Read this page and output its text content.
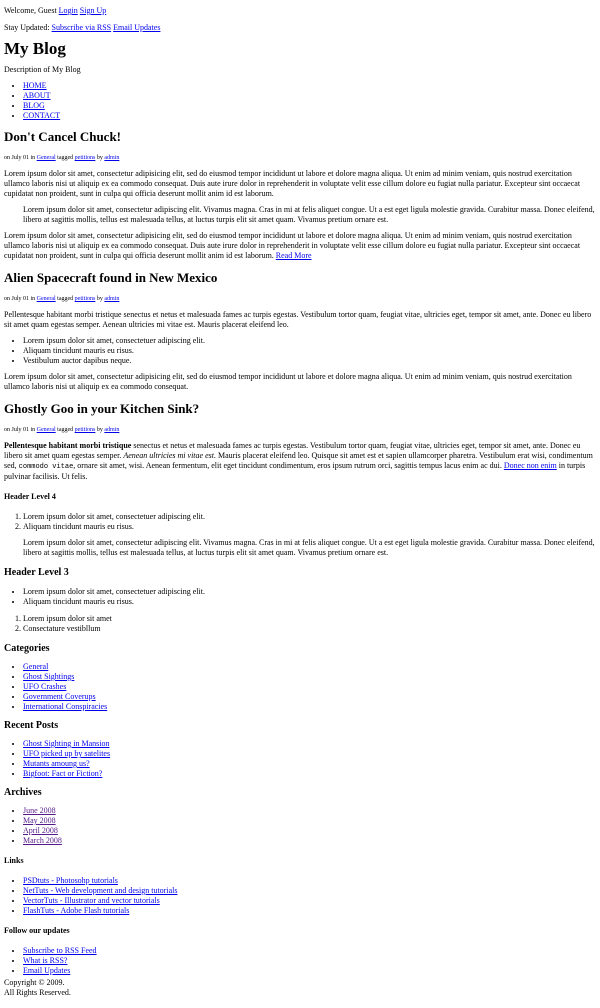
Welcome, Guest Login Sign Up

Stay Updated: Subscribe via RSS Email Updates

My Blog

Description of My Blog

• HOME
• ABOUT
• BLOG
• CONTACT
Don't Cancel Chuck!

on July 01 in General tagged petitions by admin

Lorem ipsum dolor sit amet, consectetur adipisicing elit, sed do eiusmod tempor incididunt ut labore et dolore magna aliqua. Ut enim ad minim veniam, quis nostrud exercitation ullamco laboris nisi ut aliquip ex ea commodo consequat. Duis aute irure dolor in reprehenderit in voluptate velit esse cillum dolore eu fugiat nulla pariatur. Excepteur sint occaecat cupidatat non proident, sunt in culpa qui officia deserunt mollit anim id est laborum.

Lorem ipsum dolor sit amet, consectetur adipiscing elit. Vivamus magna. Cras in mi at felis aliquet congue. Ut a est eget ligula molestie gravida. Curabitur massa. Donec eleifend, libero at sagittis mollis, tellus est malesuada tellus, at luctus turpis elit sit amet quam. Vivamus pretium ornare est.

Lorem ipsum dolor sit amet, consectetur adipisicing elit, sed do eiusmod tempor incididunt ut labore et dolore magna aliqua. Ut enim ad minim veniam, quis nostrud exercitation ullamco laboris nisi ut aliquip ex ea commodo consequat. Duis aute irure dolor in reprehenderit in voluptate velit esse cillum dolore eu fugiat nulla pariatur. Excepteur sint occaecat cupidatat non proident, sunt in culpa qui officia deserunt mollit anim id est laborum. Read More

Alien Spacecraft found in New Mexico

on July 01 in General tagged petitions by admin

Pellentesque habitant morbi tristique senectus et netus et malesuada fames ac turpis egestas. Vestibulum tortor quam, feugiat vitae, ultricies eget, tempor sit amet, ante. Donec eu libero sit amet quam egestas semper. Aenean ultricies mi vitae est. Mauris placerat eleifend leo.

• Lorem ipsum dolor sit amet, consectetuer adipiscing elit.
• Aliquam tincidunt mauris eu risus.
• Vestibulum auctor dapibus neque.

Lorem ipsum dolor sit amet, consectetur adipisicing elit, sed do eiusmod tempor incididunt ut labore et dolore magna aliqua. Ut enim ad minim veniam, quis nostrud exercitation ullamco laboris nisi ut aliquip ex ea commodo consequat.

Ghostly Goo in your Kitchen Sink?

on July 01 in General tagged petitions by admin

Pellentesque habitant morbi tristique senectus et netus et malesuada fames ac turpis egestas. Vestibulum tortor quam, feugiat vitae, ultricies eget, tempor sit amet, ante. Donec eu libero sit amet quam egestas semper. Aenean ultricies mi vitae est. Mauris placerat eleifend leo. Quisque sit amet est et sapien ullamcorper pharetra. Vestibulum erat wisi, condimentum sed, commodo vitae, ornare sit amet, wisi. Aenean fermentum, elit eget tincidunt condimentum, eros ipsum rutrum orci, sagittis tempus lacus enim ac dui. Donec non enim in turpis pulvinar facilisis. Ut felis.

Header Level 4
1. Lorem ipsum dolor sit amet, consectetuer adipiscing elit.
2. Aliquam tincidunt mauris eu risus.
Lorem ipsum dolor sit amet, consectetur adipiscing elit. Vivamus magna. Cras in mi at felis aliquet congue. Ut a est eget ligula molestie gravida. Curabitur massa. Donec eleifend, libero at sagittis mollis, tellus est malesuada tellus, at luctus turpis elit sit amet quam. Vivamus pretium ornare est.
Header Level 3
• Lorem ipsum dolor sit amet, consectetuer adipiscing elit.
• Aliquam tincidunt mauris eu risus.
1. Lorem ipsum dolor sit amet
2. Consectature vestibllum
Categories
• General
• Ghost Sightings
• UFO Crashes
• Government Coverups
• International Conspiracies
Recent Posts
• Ghost Sighting in Mansion
• UFO picked up by satelites
• Mutants amoung us?
• Bigfoot: Fact or Fiction?
Archives
• June 2008
• May 2008
• April 2008
• March 2008
Links
• PSDtuts - Photosohp tutorials
• NetTuts - Web development and design tutorials
• VectorTuts - Illustrator and vector tutorials
• FlashTuts - Adobe Flash tutorials
Follow our updates
• Subscribe to RSS Feed
• What is RSS?
• Email Updates

Copyright © 2009.
All Rights Reserved.
